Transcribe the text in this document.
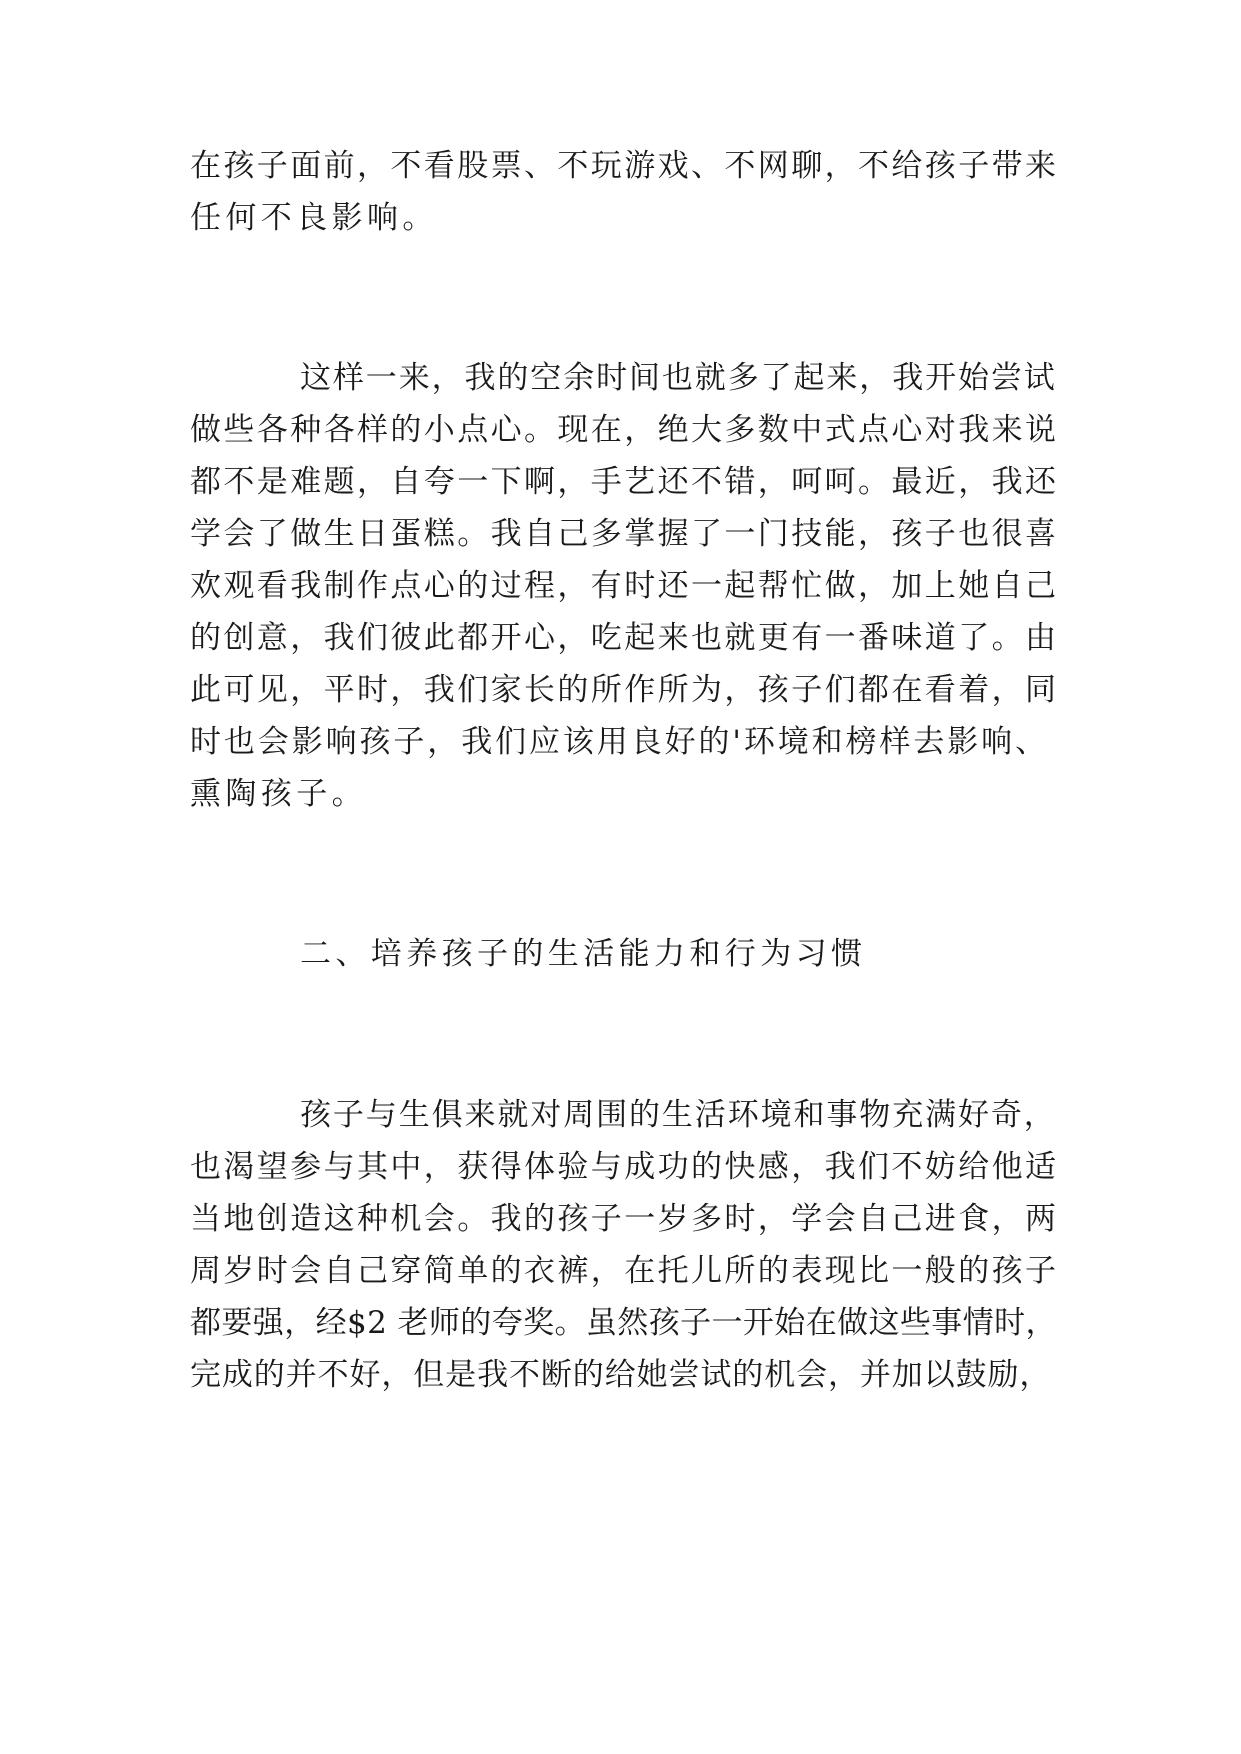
在孩子面前，不看股票、不玩游戏、不网聊，不给孩子带来
任何不良影响。
这样一来，我的空余时间也就多了起来，我开始尝试
做些各种各样的小点心。现在，绝大多数中式点心对我来说
都不是难题，自夸一下啊，手艺还不错，呵呵。最近，我还
学会了做生日蛋糕。我自己多掌握了一门技能，孩子也很喜
欢观看我制作点心的过程，有时还一起帮忙做，加上她自己
的创意，我们彼此都开心，吃起来也就更有一番味道了。由
此可见，平时，我们家长的所作所为，孩子们都在看着，同
时也会影响孩子，我们应该用良好的'环境和榜样去影响、
熏陶孩子。
二、培养孩子的生活能力和行为习惯
孩子与生俱来就对周围的生活环境和事物充满好奇，
也渴望参与其中，获得体验与成功的快感，我们不妨给他适
当地创造这种机会。我的孩子一岁多时，学会自己进食，两
周岁时会自己穿简单的衣裤，在托儿所的表现比一般的孩子
都要强，经$2 老师的夸奖。虽然孩子一开始在做这些事情时，
完成的并不好，但是我不断的给她尝试的机会，并加以鼓励，
